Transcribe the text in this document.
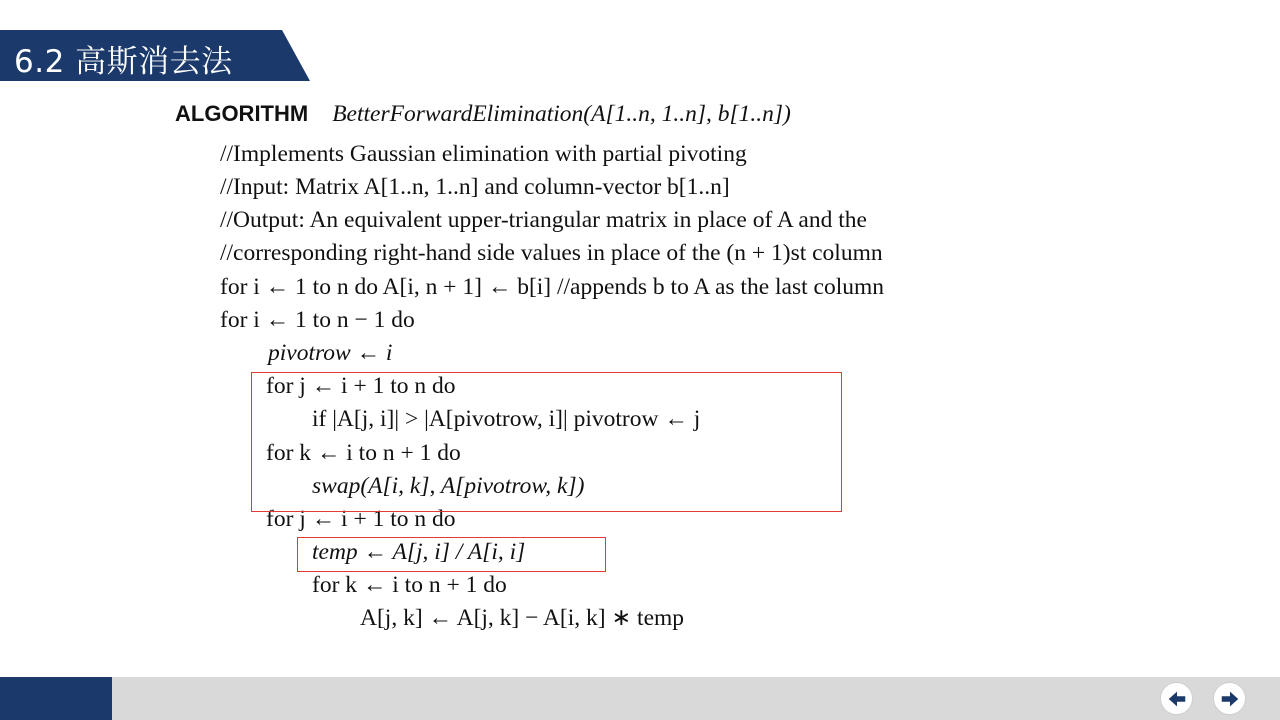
6.2 高斯消去法
ALGORITHM BetterForwardElimination(A[1..n, 1..n], b[1..n])
//Implements Gaussian elimination with partial pivoting
//Input: Matrix A[1..n, 1..n] and column-vector b[1..n]
//Output: An equivalent upper-triangular matrix in place of A and the
//corresponding right-hand side values in place of the (n + 1)st column
for i ← 1 to n do A[i, n + 1] ← b[i] //appends b to A as the last column
for i ← 1 to n − 1 do
pivotrow ← i
for j ← i + 1 to n do
if |A[j, i]| > |A[pivotrow, i]| pivotrow ← j
for k ← i to n + 1 do
swap(A[i, k], A[pivotrow, k])
for j ← i + 1 to n do
temp ← A[j, i] / A[i, i]
for k ← i to n + 1 do
A[j, k] ← A[j, k] − A[i, k] ∗ temp
